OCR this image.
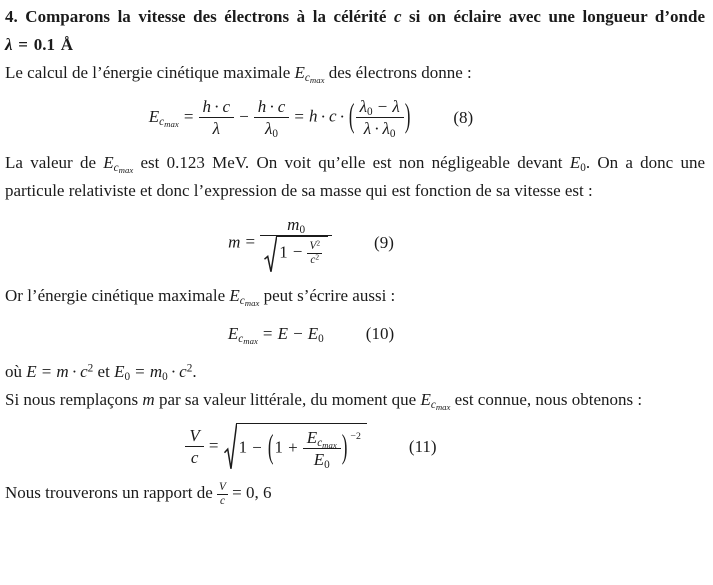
4. Comparons la vitesse des électrons à la célérité c si on éclaire avec une longueur d’onde λ = 0.1 Å

Le calcul de l’énergie cinétique maximale $E_{c_{max}}$ des électrons donne :

$E_{c_{max}} = \frac{h \cdot c}{\lambda} - \frac{h \cdot c}{\lambda_0} = h \cdot c$ · ( $\frac{\lambda_0 - \lambda}{\lambda \cdot \lambda_0}$ )	(8)

La valeur de $E_{c_{max}}$ est 0.123 MeV. On voit qu’elle est non négligeable devant $E_0$. On a donc une particule relativiste et donc l’expression de sa masse qui est fonction de sa vitesse est :

$m = \frac{m_0}{1 - \frac{V^2}{c^2}} (9)$

Or l’énergie cinétique maximale $E_{c_{max}}$ peut s’écrire aussi :

$E_{c_{max}} = E - E_0$ (10)

où $E = m \cdot c^2$ et $E_0 = m_0 \cdot c^2$.

Si nous remplaçons m par sa valeur littérale, du moment que $E_{c_{max}}$ est connue, nous obtenons :

$\frac{V}{c} = 1 - (1 + \frac{E_{c_{max}}}{E_0}$ ) $^{-2}$
(11)

Nous trouverons un rapport de $\frac{V}{c} = 0$, 6
